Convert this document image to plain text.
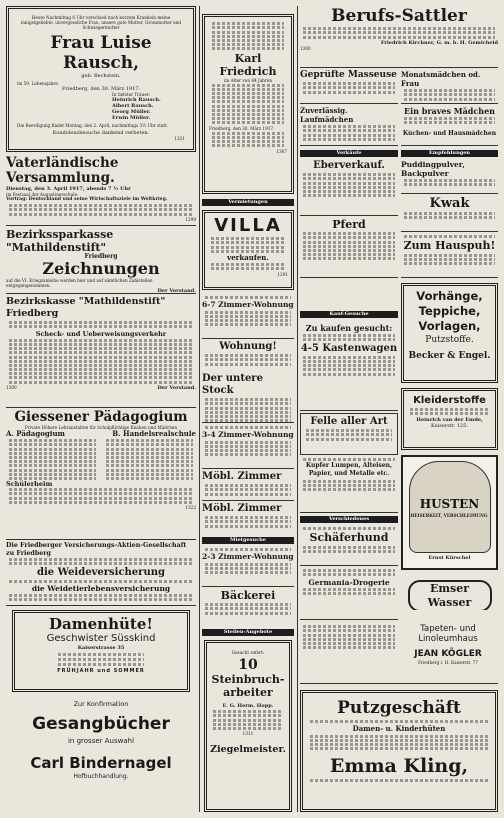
Heute Nachmittag 6 Uhr verschied nach kurzem Krankein meine innigstgeliebte, unvergessliche Frau, unsere gute Mutter, Grossmutter und Schwiegermutter
Frau Luise Rausch,
geb. Bechstein.
im 59. Lebensjahre.
Friedberg, den 30. März 1917.
In tiefster Trauer:
Heinrich Rausch.
Albert Rausch.
Georg Müller.
Erwin Müller.
Die Beerdigung findet Montag, den 2. April, nachmittags 3½ Uhr statt.
Kondolenzbesuche dankend verbeten.
1321
Vaterländische Versammlung.
Dienstag, den 3. April 1917, abends 7 ½ Uhr
im Festsaal der Augustinerschule.
Vortrag: Deutschland und seine Wirtschaftsziele im Weltkrieg.
1299
Bezirkssparkasse "Mathildenstift"
Friedberg
Zeichnungen
auf die VI. Kriegsanleihe werden hier und auf sämtlichen Zahlstellen entgegengenommen.
Der Vorstand.
Bezirkskasse "Mathildenstift" Friedberg
Scheck- und Ueberweisungsverkehr
1300	Der Vorstand.
Giessener Pädagogium
Private Höhere Lehranstalten für Schulpflichtige Knaben und Mädchen
A. Pädagogium	B. Handelsrealschule
Schülerheim
1322
Die Friedberger Versicherungs-Aktien-Gesellschaft zu Friedberg
die Weideversicherung
die Weidetierlebensversicherung
Damenhüte!
Geschwister Süsskind
Kaiserstrasse 35
FRÜHJAHR und SOMMER
Zur Konfirmation
Gesangbücher
in grosser Auswahl
Carl Bindernagel
Hofbuchhandlung.
Karl Friedrich
im Alter von 84 Jahren
Friedberg, den 30. März 1917.
1307
Vermietungen
VILLA
verkaufen.
1291
6-7 Zimmer-Wohnung
Wohnung!
Der untere Stock
3-4 Zimmer-Wohnung
Möbl. Zimmer
Möbl. Zimmer
Mietgesuche
2-3 Zimmer-Wohnung
Bäckerei
Stellen-Angebote
Gesucht sofort:
10
Steinbruch-arbeiter
E. G. Herm. Hopp.
1311
Ziegelmeister.
Berufs-Sattler
Friedrich Kirchner, G. m. b. H. Gemicheid
1300
Geprüfte Masseuse Monatsmädchen od. Frau
Zuverlässig. Laufmädchen
Ein braves Mädchen
Küchen- und Hausmädchen
Verkäufe	Empfehlungen
Eberverkauf.	Puddingpulver, Backpulver
Pferd
Kwak
Zum Hauspuh!
Kauf-Gesuche
Zu kaufen gesucht:
4-5 Kastenwagen
Vorhänge,
Teppiche,
Vorlagen,
Putzstoffe.
Becker & Engel.
Felle aller Art
Kleiderstoffe
Heinrich van der Emde,
Kaiserstr. 125.
Kupfer Lumpen, Alteisen, Papier, und Metalle etc.
Verschiedenes
Schäferhund
Germania-Drogerie
HUSTEN
HEISERKEIT, VERSCHLEIMUNG
Ernst Kürschel
Emser Wasser
Tapeten- und Linoleumhaus
JEAN KÖGLER
Friedberg i. H. Kaiserstr. 77
Putzgeschäft
Damen- u. Kinderhüten
Emma Kling,
